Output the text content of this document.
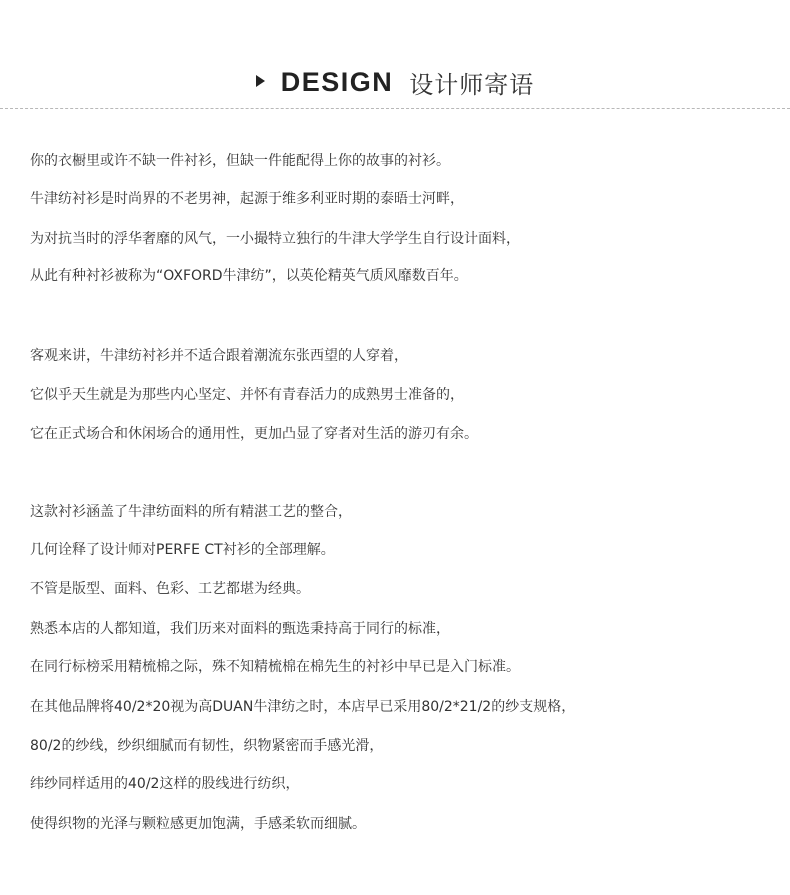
DESIGN 设计师寄语
你的衣橱里或许不缺一件衬衫，但缺一件能配得上你的故事的衬衫。
牛津纺衬衫是时尚界的不老男神，起源于维多利亚时期的泰晤士河畔，
为对抗当时的浮华奢靡的风气，一小撮特立独行的牛津大学学生自行设计面料，
从此有种衬衫被称为“OXFORD牛津纺”，以英伦精英气质风靡数百年。
客观来讲，牛津纺衬衫并不适合跟着潮流东张西望的人穿着，
它似乎天生就是为那些内心坚定、并怀有青春活力的成熟男士准备的，
它在正式场合和休闲场合的通用性，更加凸显了穿者对生活的游刃有余。
这款衬衫涵盖了牛津纺面料的所有精湛工艺的整合，
几何诠释了设计师对PERFE CT衬衫的全部理解。
不管是版型、面料、色彩、工艺都堪为经典。
熟悉本店的人都知道，我们历来对面料的甄选秉持高于同行的标准，
在同行标榜采用精梳棉之际，殊不知精梳棉在棉先生的衬衫中早已是入门标准。
在其他品牌将40/2*20视为高DUAN牛津纺之时，本店早已采用80/2*21/2的纱支规格，
80/2的纱线，纱织细腻而有韧性，织物紧密而手感光滑，
纬纱同样适用的40/2这样的股线进行纺织，
使得织物的光泽与颗粒感更加饱满，手感柔软而细腻。
